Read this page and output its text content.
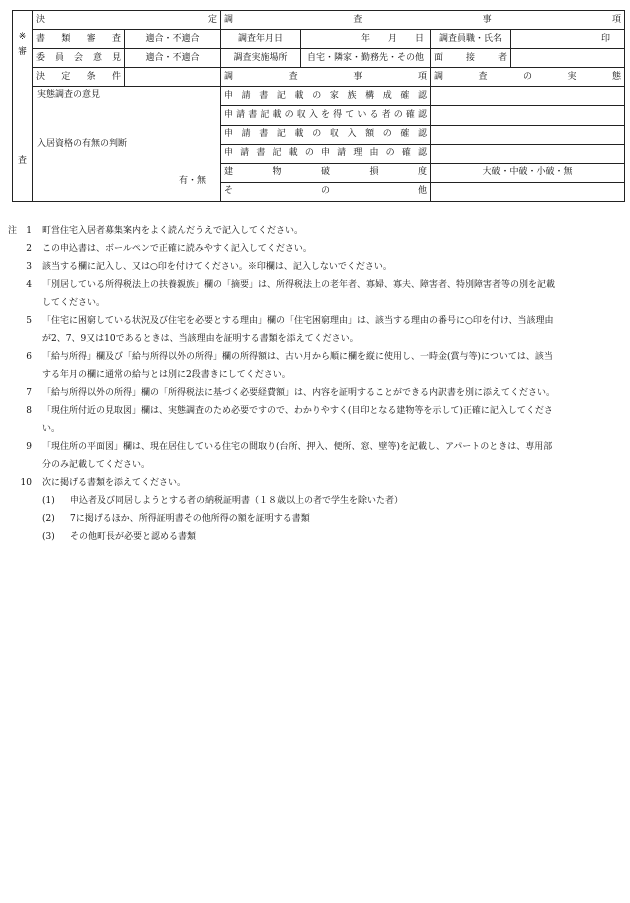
※
審
査	決　　　　　　　　　定		調　　　　査　　　　事　　　　項			
	書類審査	適合・不適合	調査年月日	年 月 日	調査員職・氏名	印
	委員会意見	適合・不適合	調査実施場所	自宅・隣家・勤務先・その他	面　接　者	
	決定条件		調　査　事　項		調　査　の　実　態	

	実態調査の意見
入居資格の有無の判断
有・無		申請書記載の家族構成確認			
			申請書記載の収入を得ている者の確認			
			申請書記載の収入額の確認			
			申請書記載の申請理由の確認			
			建物破損度		大破・中破・小破・無	
			その他			
注	1	町営住宅入居者募集案内をよく読んだうえで記入してください。
2	この申込書は、ボールペンで正確に読みやすく記入してください。
3	該当する欄に記入し、又は○印を付けてください。※印欄は、記入しないでください。
4	「別居している所得税法上の扶養親族」欄の「摘要」は、所得税法上の老年者、寡婦、寡夫、障害者、特別障害者等の別を記載
してください。
5	「住宅に困窮している状況及び住宅を必要とする理由」欄の「住宅困窮理由」は、該当する理由の番号に○印を付け、当該理由
が2、7、9又は10であるときは、当該理由を証明する書類を添えてください。
6	「給与所得」欄及び「給与所得以外の所得」欄の所得額は、古い月から順に欄を縦に使用し、一時金(賞与等)については、該当
する年月の欄に通常の給与とは別に2段書きにしてください。
7	「給与所得以外の所得」欄の「所得税法に基づく必要経費額」は、内容を証明することができる内訳書を別に添えてください。
8	「現住所付近の見取図」欄は、実態調査のため必要ですので、わかりやすく(目印となる建物等を示して)正確に記入してくださ
い。
9	「現住所の平面図」欄は、現在居住している住宅の間取り(台所、押入、便所、窓、壁等)を記載し、アパートのときは、専用部
分のみ記載してください。
10	次に掲げる書類を添えてください。
(1) 申込者及び同居しようとする者の納税証明書（１８歳以上の者で学生を除いた者）
(2) 7に掲げるほか、所得証明書その他所得の額を証明する書類
(3) その他町長が必要と認める書類
